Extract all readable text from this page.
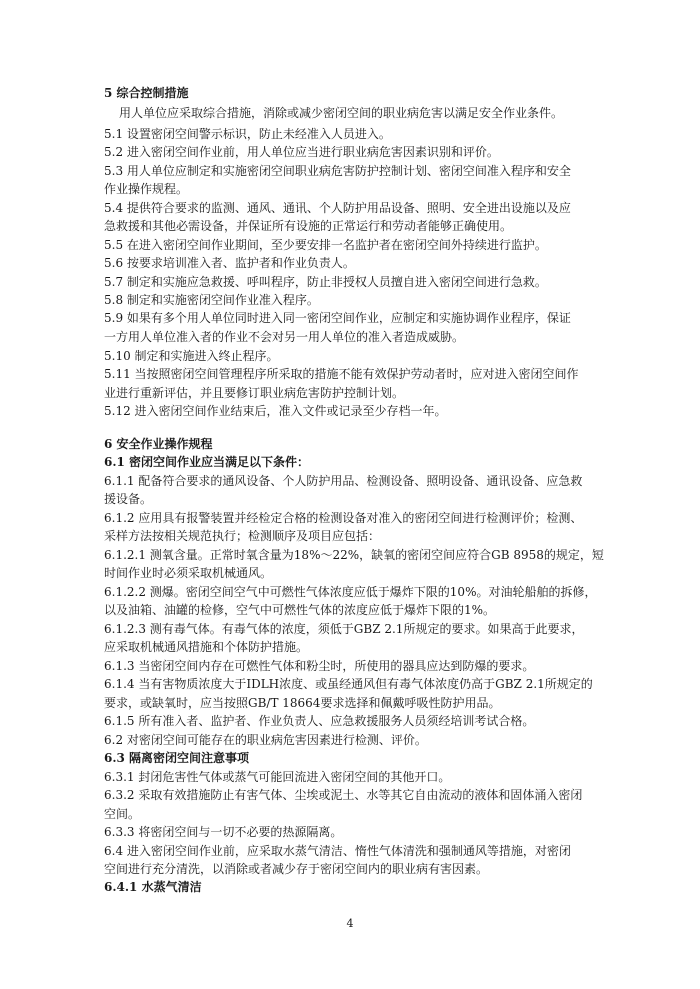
5 综合控制措施
用人单位应采取综合措施，消除或减少密闭空间的职业病危害以满足安全作业条件。
5.1 设置密闭空间警示标识，防止未经准入人员进入。
5.2 进入密闭空间作业前，用人单位应当进行职业病危害因素识别和评价。
5.3 用人单位应制定和实施密闭空间职业病危害防护控制计划、密闭空间准入程序和安全
作业操作规程。
5.4 提供符合要求的监测、通风、通讯、个人防护用品设备、照明、安全进出设施以及应
急救援和其他必需设备，并保证所有设施的正常运行和劳动者能够正确使用。
5.5 在进入密闭空间作业期间，至少要安排一名监护者在密闭空间外持续进行监护。
5.6 按要求培训准入者、监护者和作业负责人。
5.7 制定和实施应急救援、呼叫程序，防止非授权人员擅自进入密闭空间进行急救。
5.8 制定和实施密闭空间作业准入程序。
5.9 如果有多个用人单位同时进入同一密闭空间作业，应制定和实施协调作业程序，保证
一方用人单位准入者的作业不会对另一用人单位的准入者造成威胁。
5.10 制定和实施进入终止程序。
5.11 当按照密闭空间管理程序所采取的措施不能有效保护劳动者时，应对进入密闭空间作
业进行重新评估，并且要修订职业病危害防护控制计划。
5.12 进入密闭空间作业结束后，准入文件或记录至少存档一年。
6 安全作业操作规程
6.1 密闭空间作业应当满足以下条件：
6.1.1 配备符合要求的通风设备、个人防护用品、检测设备、照明设备、通讯设备、应急救
援设备。
6.1.2 应用具有报警装置并经检定合格的检测设备对准入的密闭空间进行检测评价；检测、
采样方法按相关规范执行；检测顺序及项目应包括：
6.1.2.1 测氧含量。正常时氧含量为18%～22%，缺氧的密闭空间应符合GB 8958的规定，短
时间作业时必须采取机械通风。
6.1.2.2 测爆。密闭空间空气中可燃性气体浓度应低于爆炸下限的10%。对油轮船舶的拆修，
以及油箱、油罐的检修，空气中可燃性气体的浓度应低于爆炸下限的1%。
6.1.2.3 测有毒气体。有毒气体的浓度，须低于GBZ 2.1所规定的要求。如果高于此要求，
应采取机械通风措施和个体防护措施。
6.1.3 当密闭空间内存在可燃性气体和粉尘时，所使用的器具应达到防爆的要求。
6.1.4 当有害物质浓度大于IDLH浓度、或虽经通风但有毒气体浓度仍高于GBZ 2.1所规定的
要求，或缺氧时，应当按照GB/T 18664要求选择和佩戴呼吸性防护用品。
6.1.5 所有准入者、监护者、作业负责人、应急救援服务人员须经培训考试合格。
6.2 对密闭空间可能存在的职业病危害因素进行检测、评价。
6.3 隔离密闭空间注意事项
6.3.1 封闭危害性气体或蒸气可能回流进入密闭空间的其他开口。
6.3.2 采取有效措施防止有害气体、尘埃或泥土、水等其它自由流动的液体和固体涌入密闭
空间。
6.3.3 将密闭空间与一切不必要的热源隔离。
6.4 进入密闭空间作业前，应采取水蒸气清洁、惰性气体清洗和强制通风等措施，对密闭
空间进行充分清洗，以消除或者减少存于密闭空间内的职业病有害因素。
6.4.1 水蒸气清洁
4
